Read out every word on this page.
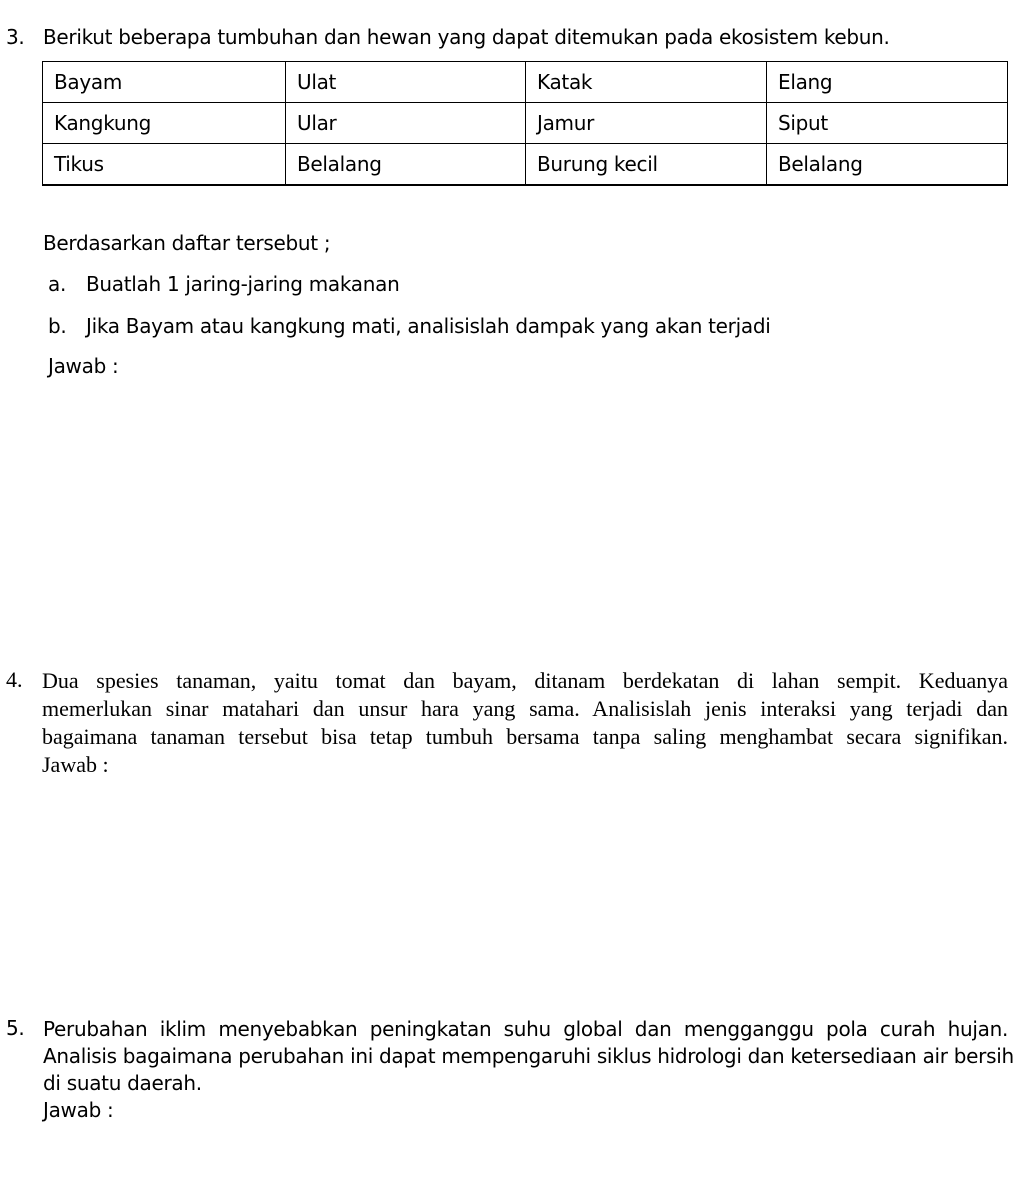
3. Berikut beberapa tumbuhan dan hewan yang dapat ditemukan pada ekosistem kebun.
Bayam	Ulat	Katak	Elang
Kangkung	Ular	Jamur	Siput
Tikus	Belalang	Burung kecil	Belalang
Berdasarkan daftar tersebut ;
a. Buatlah 1 jaring-jaring makanan
b. Jika Bayam atau kangkung mati, analisislah dampak yang akan terjadi
Jawab :
4. Dua spesies tanaman, yaitu tomat dan bayam, ditanam berdekatan di lahan sempit. Keduanya
memerlukan sinar matahari dan unsur hara yang sama. Analisislah jenis interaksi yang terjadi dan
bagaimana tanaman tersebut bisa tetap tumbuh bersama tanpa saling menghambat secara signifikan.
Jawab :
5. Perubahan iklim menyebabkan peningkatan suhu global dan mengganggu pola curah hujan.
Analisis bagaimana perubahan ini dapat mempengaruhi siklus hidrologi dan ketersediaan air bersih
di suatu daerah.
Jawab :
